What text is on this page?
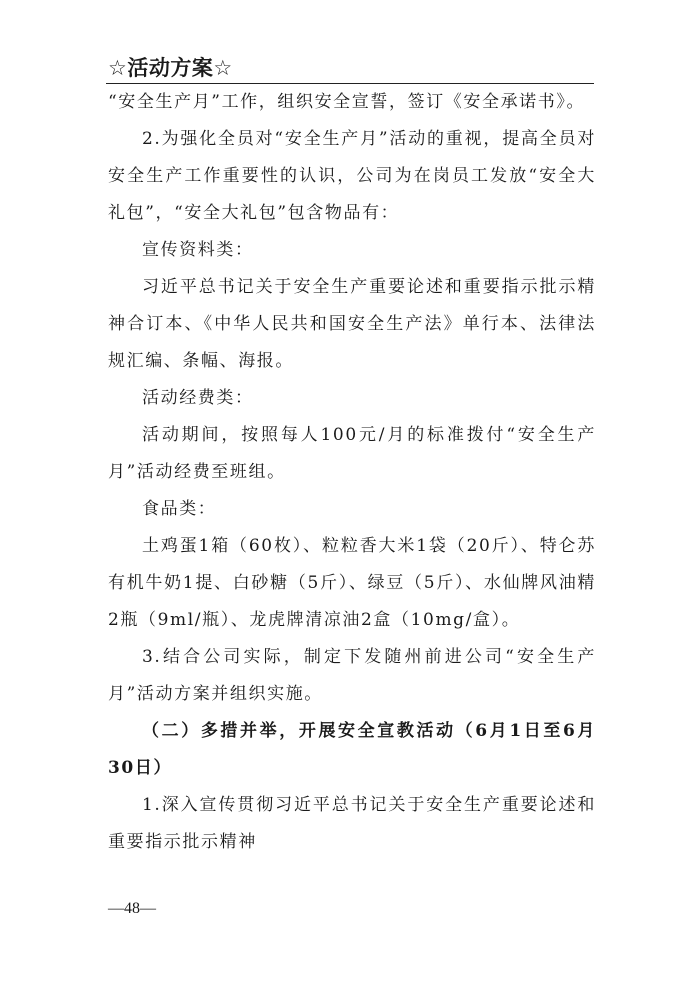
☆活动方案☆

“安全生产月”工作，组织安全宣誓，签订《安全承诺书》。

2.为强化全员对“安全生产月”活动的重视，提高全员对安全生产工作重要性的认识，公司为在岗员工发放“安全大礼包”，“安全大礼包”包含物品有：

宣传资料类：

习近平总书记关于安全生产重要论述和重要指示批示精神合订本、《中华人民共和国安全生产法》单行本、法律法规汇编、条幅、海报。

活动经费类：

活动期间，按照每人100元/月的标准拨付“安全生产月”活动经费至班组。

食品类：

土鸡蛋1箱（60枚）、粒粒香大米1袋（20斤）、特仑苏有机牛奶1提、白砂糖（5斤）、绿豆（5斤）、水仙牌风油精2瓶（9ml/瓶）、龙虎牌清凉油2盒（10mg/盒）。

3.结合公司实际，制定下发随州前进公司“安全生产月”活动方案并组织实施。

（二）多措并举，开展安全宣教活动（6月1日至6月30日）

1.深入宣传贯彻习近平总书记关于安全生产重要论述和重要指示批示精神

—48—
